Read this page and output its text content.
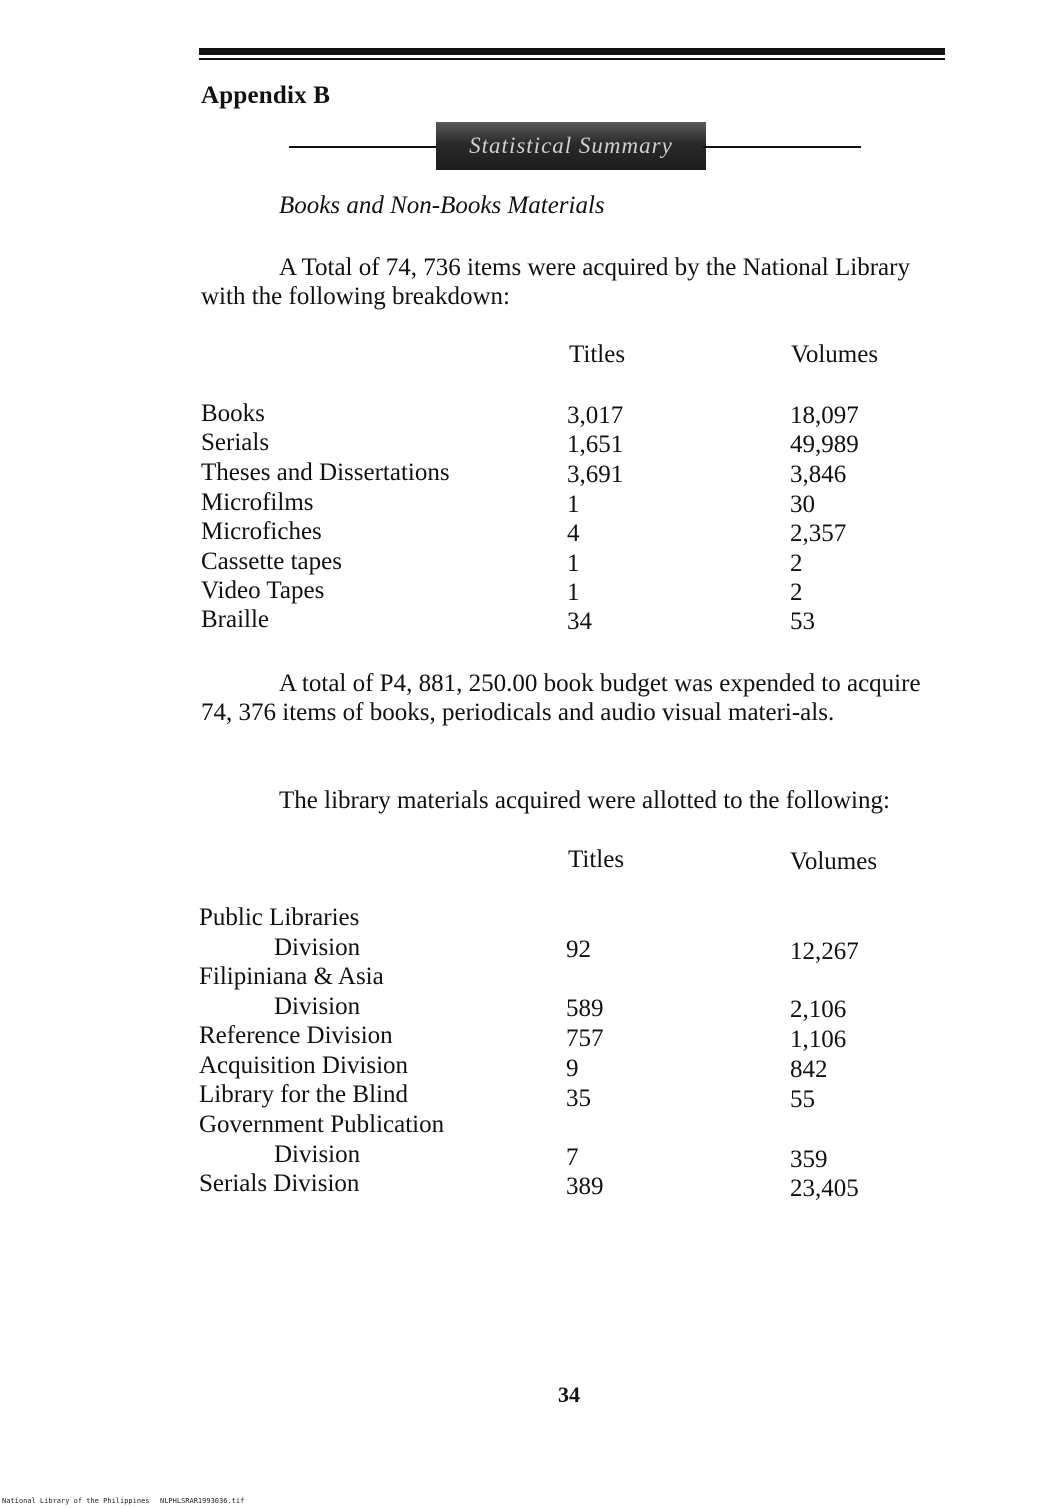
Appendix B
Statistical Summary
Books and Non-Books Materials
A Total of 74, 736 items were acquired by the National Library with the following breakdown:
Titles	Volumes
Books	3,017	18,097
Serials	1,651	49,989
Theses and Dissertations	3,691	3,846
Microfilms	1	30
Microfiches	4	2,357
Cassette tapes	1	2
Video Tapes	1	2
Braille	34	53
A total of P4, 881, 250.00 book budget was expended to acquire 74, 376 items of books, periodicals and audio visual materi-als.
The library materials acquired were allotted to the following:
Titles	Volumes
Public Libraries
Division	92	12,267
Filipiniana & Asia
Division	589	2,106
Reference Division	757	1,106
Acquisition Division	9	842
Library for the Blind	35	55
Government Publication
Division	7	359
Serials Division	389	23,405
34
National Library of the Philippines NLPHLSRAR1993036.tif
